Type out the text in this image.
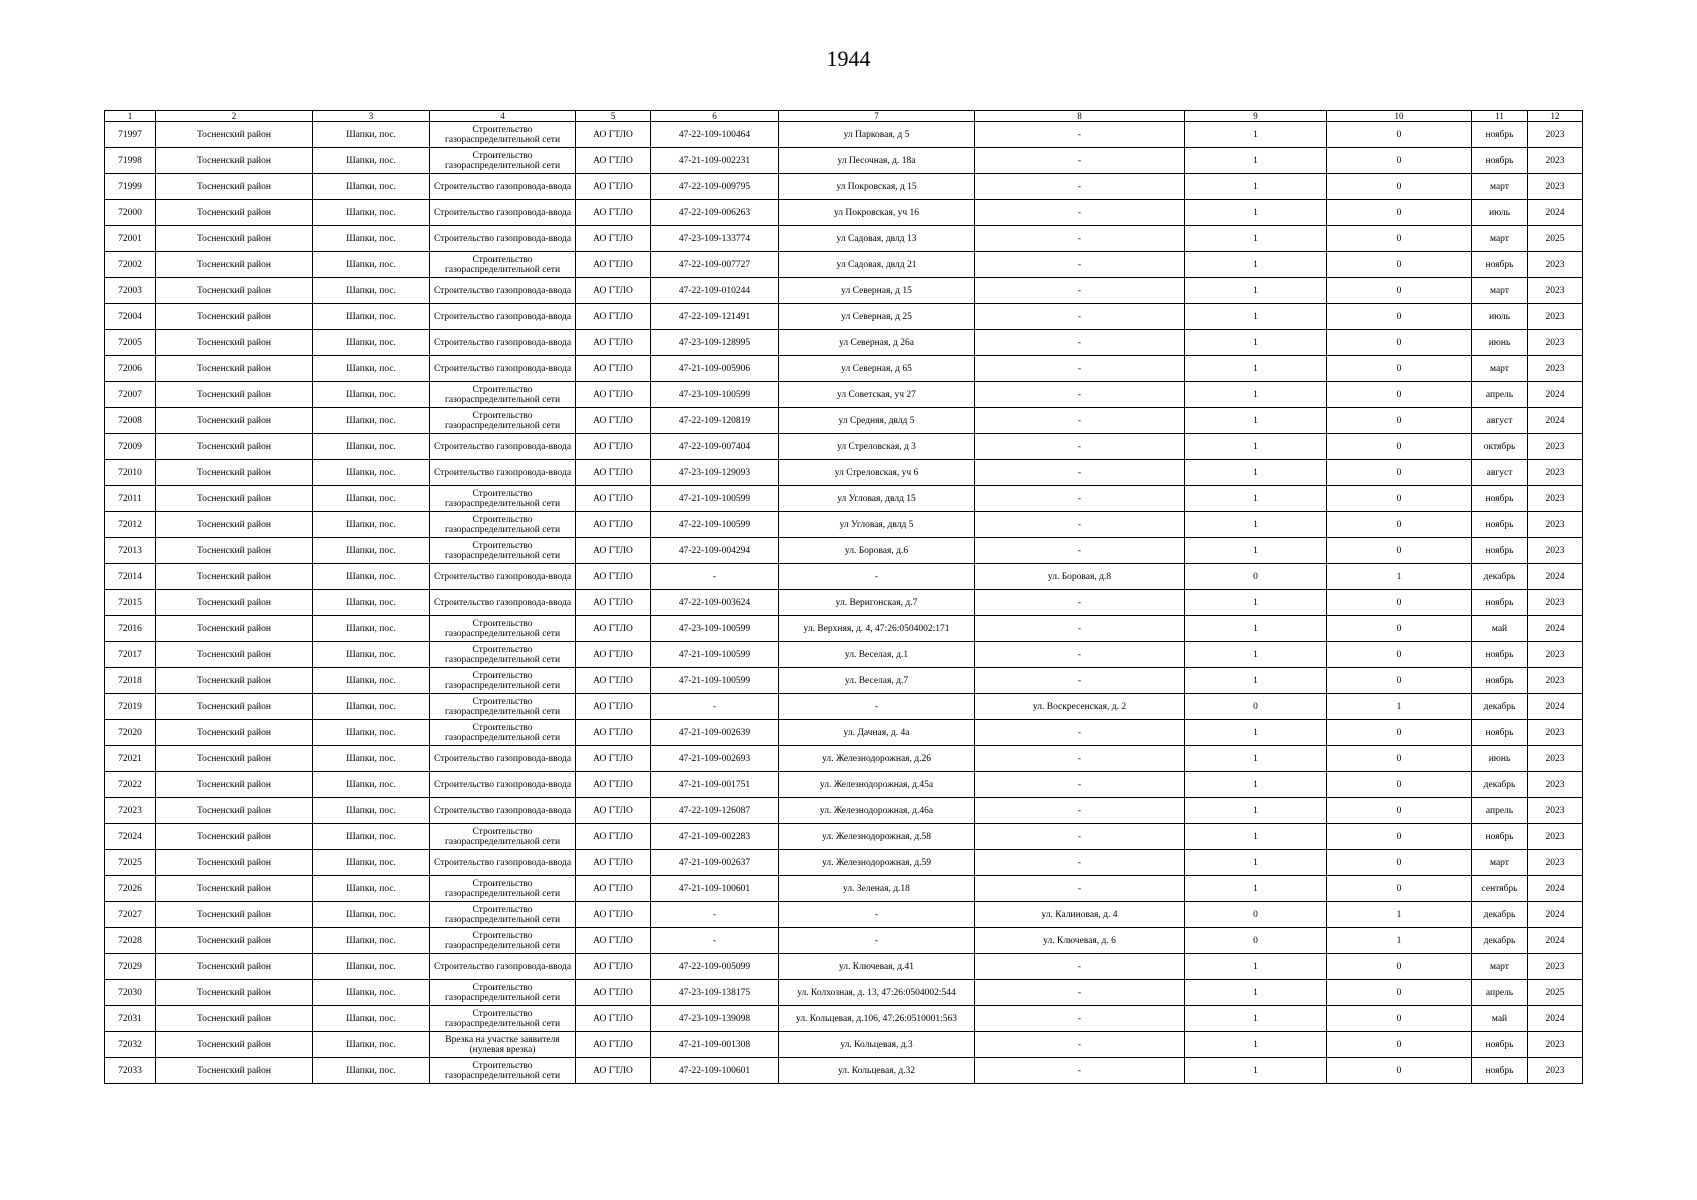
1944
1	2	3	4	5	6	7	8	9	10	11	12
71997	Тосненский район	Шапки, пос.	Строительство газораспределительной сети	АО ГТЛО	47-22-109-100464	ул Парковая, д 5	-	1	0	ноябрь	2023
71998	Тосненский район	Шапки, пос.	Строительство газораспределительной сети	АО ГТЛО	47-21-109-002231	ул Песочная, д. 18а	-	1	0	ноябрь	2023
71999	Тосненский район	Шапки, пос.	Строительство газопровода-ввода	АО ГТЛО	47-22-109-009795	ул Покровская, д 15	-	1	0	март	2023
72000	Тосненский район	Шапки, пос.	Строительство газопровода-ввода	АО ГТЛО	47-22-109-006263	ул Покровская, уч 16	-	1	0	июль	2024
72001	Тосненский район	Шапки, пос.	Строительство газопровода-ввода	АО ГТЛО	47-23-109-133774	ул Садовая, двлд 13	-	1	0	март	2025
72002	Тосненский район	Шапки, пос.	Строительство газораспределительной сети	АО ГТЛО	47-22-109-007727	ул Садовая, двлд 21	-	1	0	ноябрь	2023
72003	Тосненский район	Шапки, пос.	Строительство газопровода-ввода	АО ГТЛО	47-22-109-010244	ул Северная, д 15	-	1	0	март	2023
72004	Тосненский район	Шапки, пос.	Строительство газопровода-ввода	АО ГТЛО	47-22-109-121491	ул Северная, д 25	-	1	0	июль	2023
72005	Тосненский район	Шапки, пос.	Строительство газопровода-ввода	АО ГТЛО	47-23-109-128995	ул Северная, д 26а	-	1	0	июнь	2023
72006	Тосненский район	Шапки, пос.	Строительство газопровода-ввода	АО ГТЛО	47-21-109-005906	ул Северная, д 65	-	1	0	март	2023
72007	Тосненский район	Шапки, пос.	Строительство газораспределительной сети	АО ГТЛО	47-23-109-100599	ул Советская, уч 27	-	1	0	апрель	2024
72008	Тосненский район	Шапки, пос.	Строительство газораспределительной сети	АО ГТЛО	47-22-109-120819	ул Средняя, двлд 5	-	1	0	август	2024
72009	Тосненский район	Шапки, пос.	Строительство газопровода-ввода	АО ГТЛО	47-22-109-007404	ул Стреловская, д 3	-	1	0	октябрь	2023
72010	Тосненский район	Шапки, пос.	Строительство газопровода-ввода	АО ГТЛО	47-23-109-129093	ул Стреловская, уч 6	-	1	0	август	2023
72011	Тосненский район	Шапки, пос.	Строительство газораспределительной сети	АО ГТЛО	47-21-109-100599	ул Угловая, двлд 15	-	1	0	ноябрь	2023
72012	Тосненский район	Шапки, пос.	Строительство газораспределительной сети	АО ГТЛО	47-22-109-100599	ул Угловая, двлд 5	-	1	0	ноябрь	2023
72013	Тосненский район	Шапки, пос.	Строительство газораспределительной сети	АО ГТЛО	47-22-109-004294	ул. Боровая, д.6	-	1	0	ноябрь	2023
72014	Тосненский район	Шапки, пос.	Строительство газопровода-ввода	АО ГТЛО	-	-	ул. Боровая, д.8	0	1	декабрь	2024
72015	Тосненский район	Шапки, пос.	Строительство газопровода-ввода	АО ГТЛО	47-22-109-003624	ул. Веригонская, д.7	-	1	0	ноябрь	2023
72016	Тосненский район	Шапки, пос.	Строительство газораспределительной сети	АО ГТЛО	47-23-109-100599	ул. Верхняя, д. 4, 47:26:0504002:171	-	1	0	май	2024
72017	Тосненский район	Шапки, пос.	Строительство газораспределительной сети	АО ГТЛО	47-21-109-100599	ул. Веселая, д.1	-	1	0	ноябрь	2023
72018	Тосненский район	Шапки, пос.	Строительство газораспределительной сети	АО ГТЛО	47-21-109-100599	ул. Веселая, д.7	-	1	0	ноябрь	2023
72019	Тосненский район	Шапки, пос.	Строительство газораспределительной сети	АО ГТЛО	-	-	ул. Воскресенская, д. 2	0	1	декабрь	2024
72020	Тосненский район	Шапки, пос.	Строительство газораспределительной сети	АО ГТЛО	47-21-109-002639	ул. Дачная, д. 4а	-	1	0	ноябрь	2023
72021	Тосненский район	Шапки, пос.	Строительство газопровода-ввода	АО ГТЛО	47-21-109-002693	ул. Железнодорожная, д.26	-	1	0	июнь	2023
72022	Тосненский район	Шапки, пос.	Строительство газопровода-ввода	АО ГТЛО	47-21-109-001751	ул. Железнодорожная, д.45а	-	1	0	декабрь	2023
72023	Тосненский район	Шапки, пос.	Строительство газопровода-ввода	АО ГТЛО	47-22-109-126087	ул. Железнодорожная, д.46а	-	1	0	апрель	2023
72024	Тосненский район	Шапки, пос.	Строительство газораспределительной сети	АО ГТЛО	47-21-109-002283	ул. Железнодорожная, д.58	-	1	0	ноябрь	2023
72025	Тосненский район	Шапки, пос.	Строительство газопровода-ввода	АО ГТЛО	47-21-109-002637	ул. Железнодорожная, д.59	-	1	0	март	2023
72026	Тосненский район	Шапки, пос.	Строительство газораспределительной сети	АО ГТЛО	47-21-109-100601	ул. Зеленая, д.18	-	1	0	сентябрь	2024
72027	Тосненский район	Шапки, пос.	Строительство газораспределительной сети	АО ГТЛО	-	-	ул. Калиновая, д. 4	0	1	декабрь	2024
72028	Тосненский район	Шапки, пос.	Строительство газораспределительной сети	АО ГТЛО	-	-	ул. Ключевая, д. 6	0	1	декабрь	2024
72029	Тосненский район	Шапки, пос.	Строительство газопровода-ввода	АО ГТЛО	47-22-109-005099	ул. Ключевая, д.41	-	1	0	март	2023
72030	Тосненский район	Шапки, пос.	Строительство газораспределительной сети	АО ГТЛО	47-23-109-138175	ул. Колхозная, д. 13, 47:26:0504002:544	-	1	0	апрель	2025
72031	Тосненский район	Шапки, пос.	Строительство газораспределительной сети	АО ГТЛО	47-23-109-139098	ул. Кольцевая, д.106, 47:26:0510001:563	-	1	0	май	2024
72032	Тосненский район	Шапки, пос.	Врезка на участке заявителя (нулевая врезка)	АО ГТЛО	47-21-109-001308	ул. Кольцевая, д.3	-	1	0	ноябрь	2023
72033	Тосненский район	Шапки, пос.	Строительство газораспределительной сети	АО ГТЛО	47-22-109-100601	ул. Кольцевая, д.32	-	1	0	ноябрь	2023
